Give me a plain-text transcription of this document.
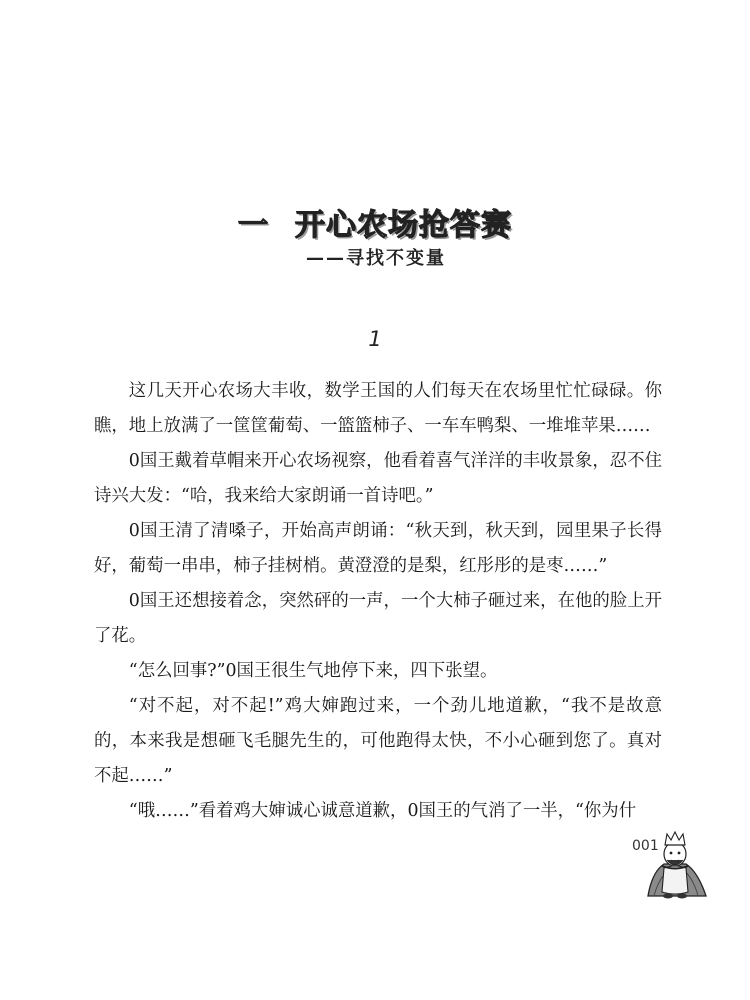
一 开心农场抢答赛
——寻找不变量
1

这几天开心农场大丰收，数学王国的人们每天在农场里忙忙碌碌。你瞧，地上放满了一筐筐葡萄、一篮篮柿子、一车车鸭梨、一堆堆苹果……

0国王戴着草帽来开心农场视察，他看着喜气洋洋的丰收景象，忍不住诗兴大发：“哈，我来给大家朗诵一首诗吧。”

0国王清了清嗓子，开始高声朗诵：“秋天到，秋天到，园里果子长得好，葡萄一串串，柿子挂树梢。黄澄澄的是梨，红彤彤的是枣……”

0国王还想接着念，突然砰的一声，一个大柿子砸过来，在他的脸上开了花。

“怎么回事?”0国王很生气地停下来，四下张望。

“对不起，对不起!”鸡大婶跑过来，一个劲儿地道歉，“我不是故意的，本来我是想砸飞毛腿先生的，可他跑得太快，不小心砸到您了。真对不起……”

“哦……”看着鸡大婶诚心诚意道歉，0国王的气消了一半，“你为什

001
